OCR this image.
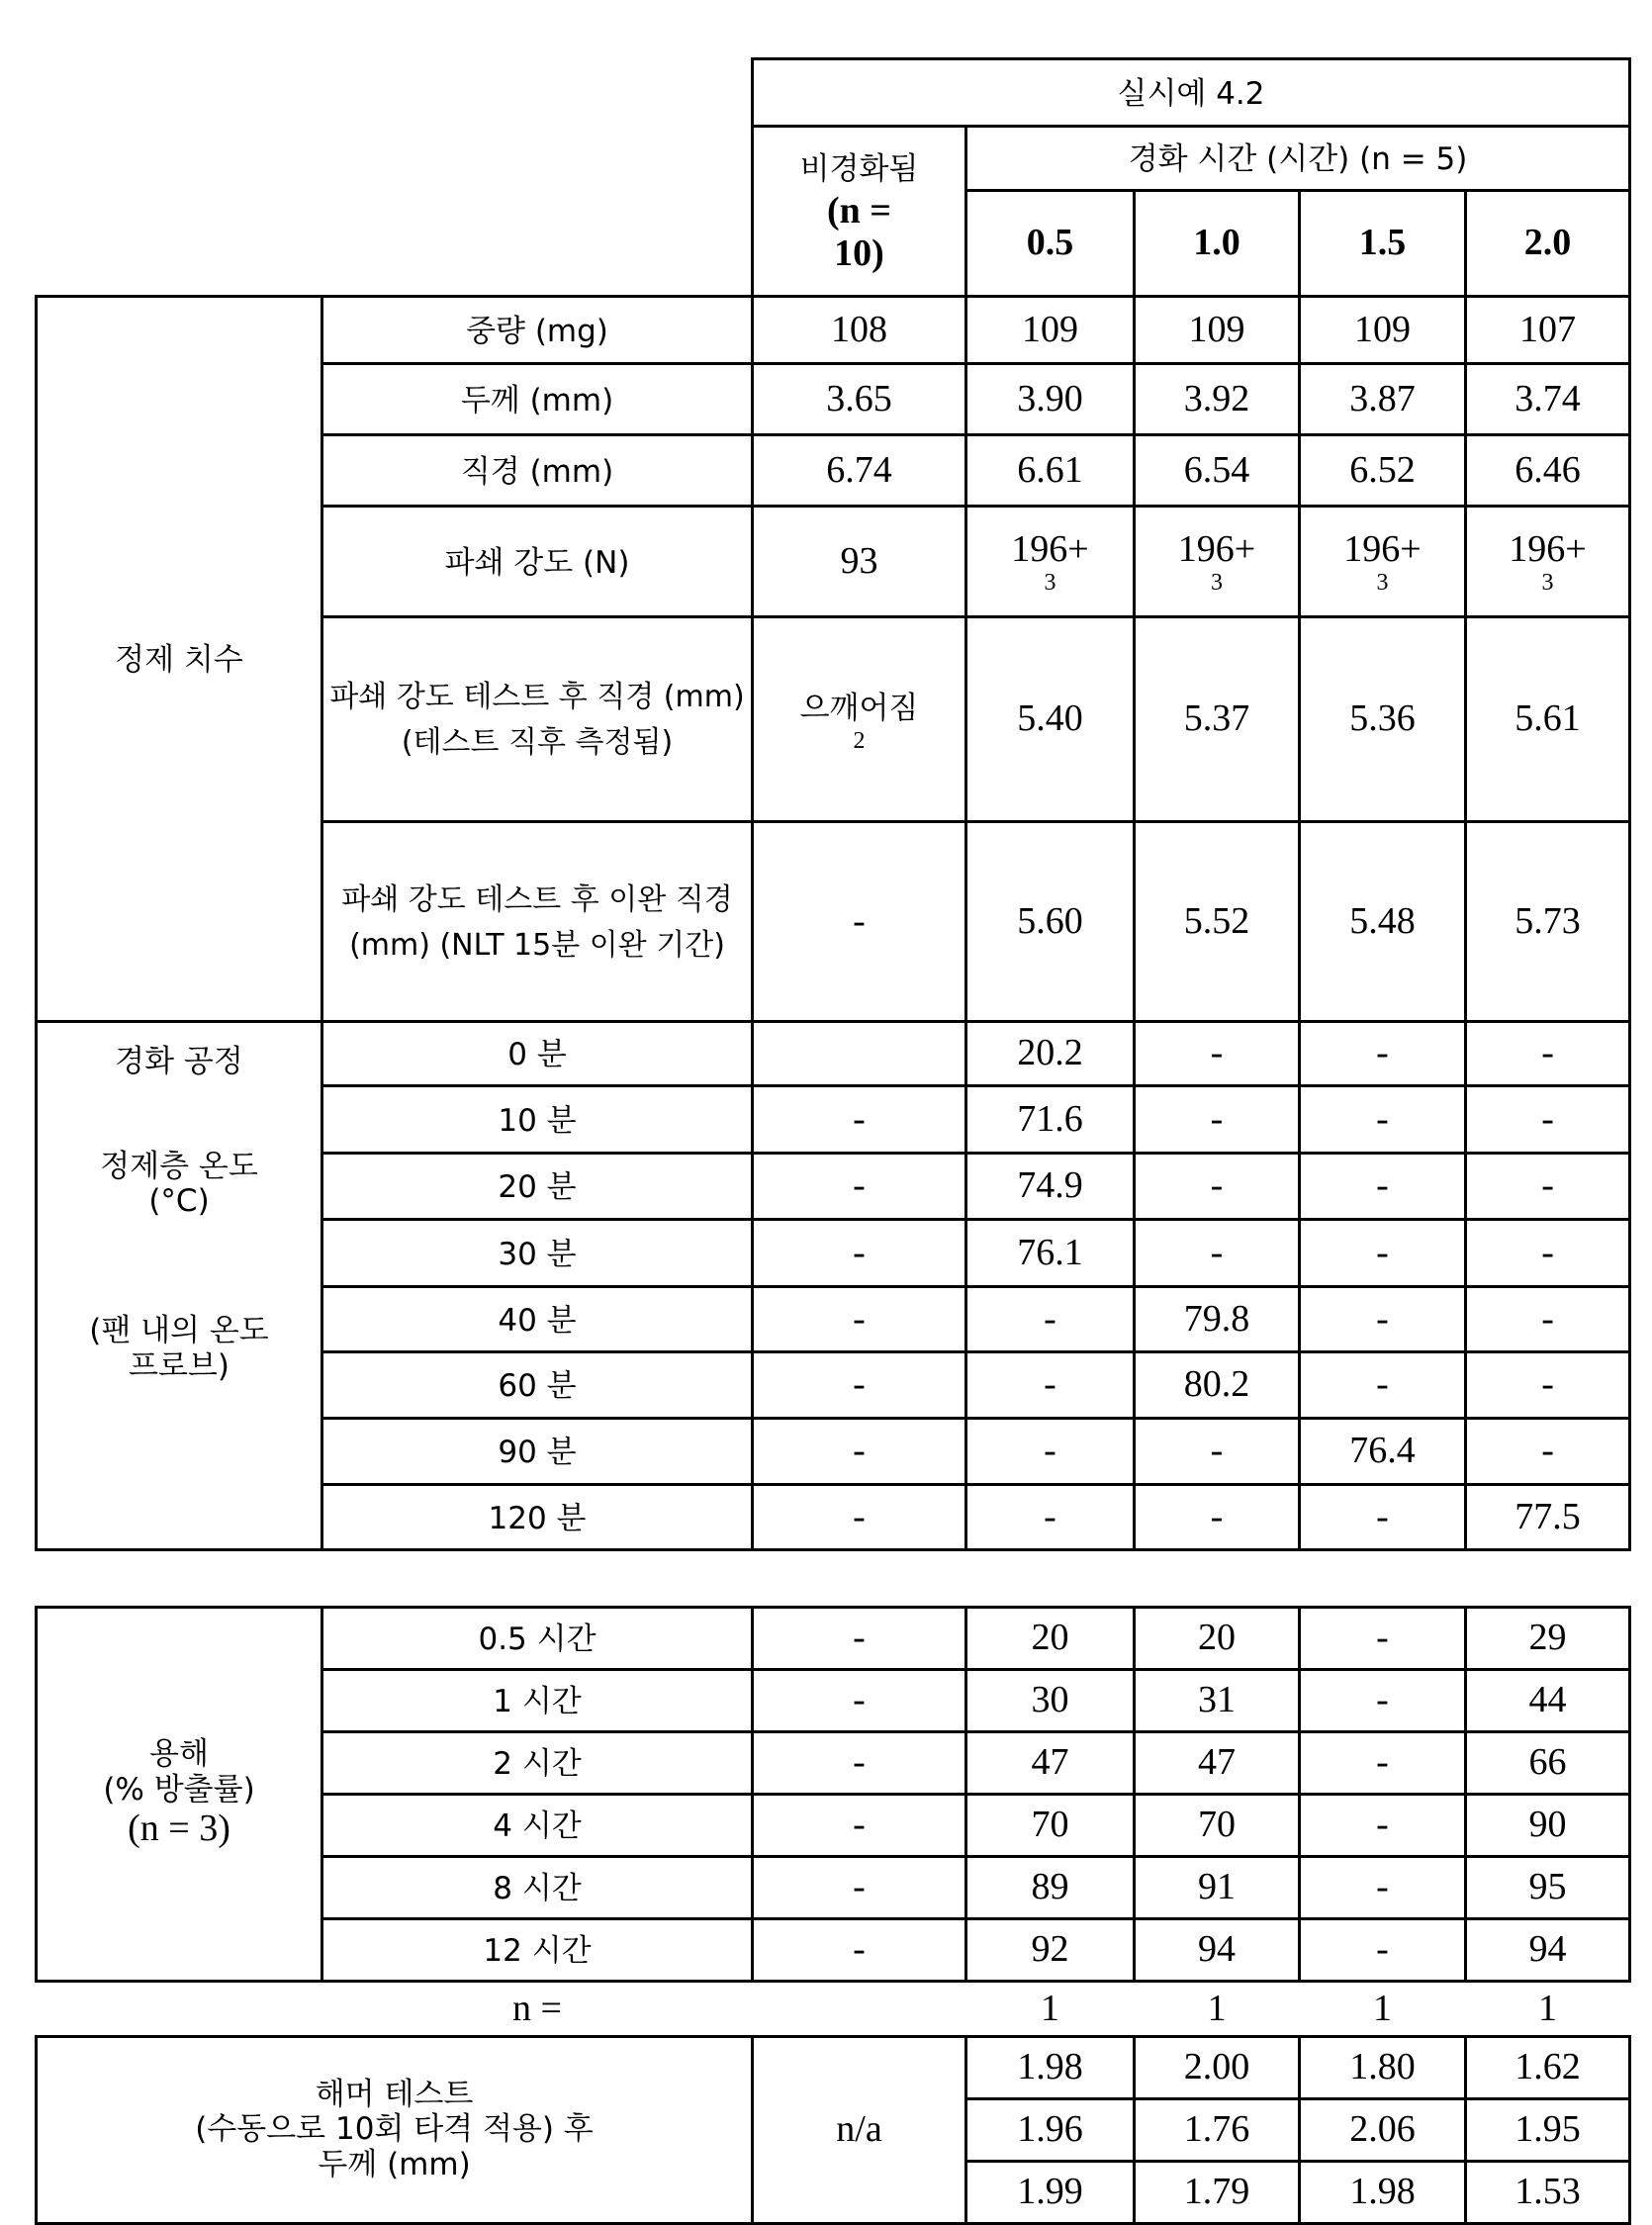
	실시예 4.2
비경화됨
(n = 10)	경화 시간 (시간) (n = 5)
0.5	1.0	1.5	2.0
정제 치수	중량 (mg)	108	109	109	109	107
두께 (mm)	3.65	3.90	3.92	3.87	3.74
직경 (mm)	6.74	6.61	6.54	6.52	6.46
파쇄 강도 (N)	93	196+
3
	196+
3
	196+
3
	196+
3

파쇄 강도 테스트 후 직경 (mm) (테스트 직후 측정됨)	으깨어짐
2
	5.40	5.37	5.36	5.61
파쇄 강도 테스트 후 이완 직경 (mm) (NLT 15분 이완 기간)	-	5.60	5.52	5.48	5.73

경화 공정
정제층 온도 (°C)
(팬 내의 온도 프로브)
	0 분		20.2	-	-	-
10 분	-	71.6	-	-	-
20 분	-	74.9	-	-	-
30 분	-	76.1	-	-	-
40 분	-	-	79.8	-	-
60 분	-	-	80.2	-	-
90 분	-	-	-	76.4	-
120 분	-	-	-	-	77.5
용해
(% 방출률)
(n = 3)
	0.5 시간	-	20	20	-	29
1 시간	-	30	31	-	44
2 시간	-	47	47	-	66
4 시간	-	70	70	-	90
8 시간	-	89	91	-	95
12 시간	-	92	94	-	94
	n =		1	1	1	1

해머 테스트
(수동으로 10회 타격 적용) 후
두께 (mm)
	n/a	1.98	2.00	1.80	1.62
1.96	1.76	2.06	1.95
1.99	1.79	1.98	1.53
